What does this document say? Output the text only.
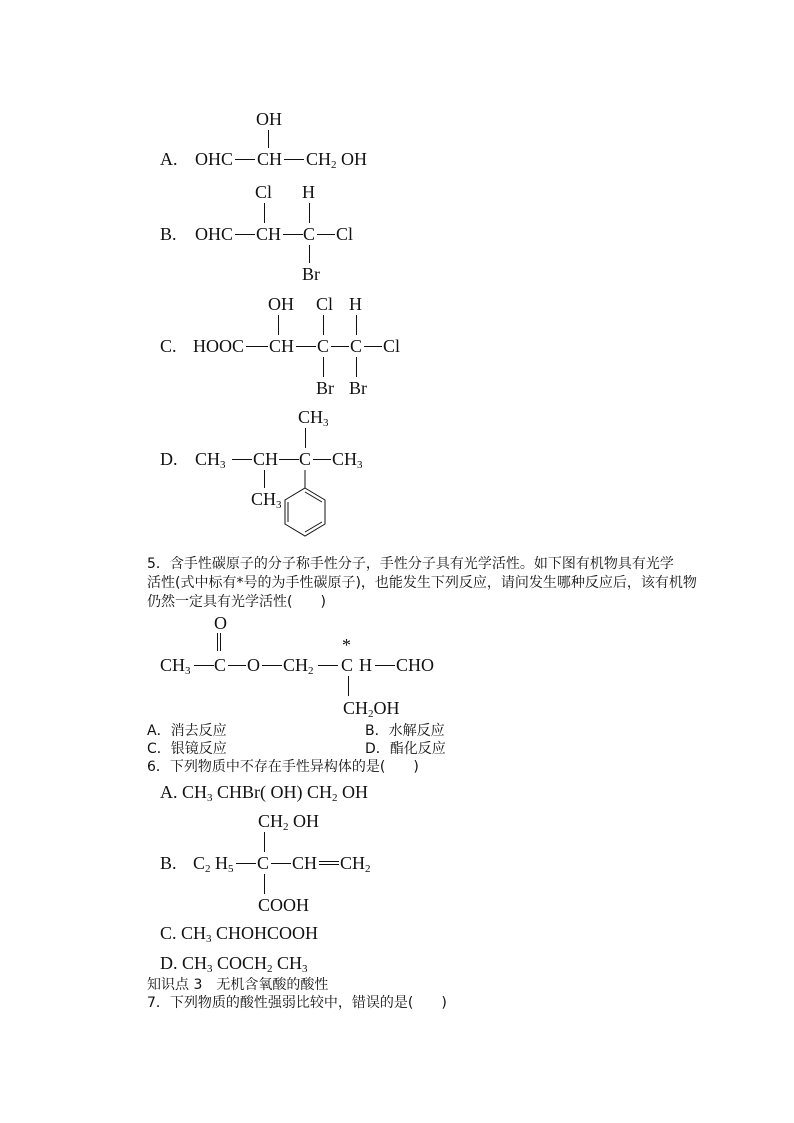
OH
A. OHC CH $CH_2$ OH
Cl H
B. OHC CH C Cl
Br
OH Cl H
C. HOOC CH C C Cl
Br Br
$CH_3$
D. $CH_3$ CH C $CH_3$
$CH_3$
5．含手性碳原子的分子称手性分子，手性分子具有光学活性。如下图有机物具有光学
活性(式中标有*号的为手性碳原子)，也能发生下列反应，请问发生哪种反应后，该有机物
仍然一定具有光学活性(　　)
O
*
$CH_3$ C O $CH_2$ C H CHO
$CH_2OH$
A．消去反应	B．水解反应
C．银镜反应	D．酯化反应
6．下列物质中不存在手性异构体的是(　　)
A. $CH_3$ CHBr( OH) $CH_2$ OH
$CH_2$ OH
B. $C_2$ $H_5$ C CH $CH_2$
COOH
C. $CH_3$ CHOHCOOH
D. $CH_3$ $COCH_2$ $CH_3$
知识点 3　无机含氧酸的酸性
7．下列物质的酸性强弱比较中，错误的是(　　)
